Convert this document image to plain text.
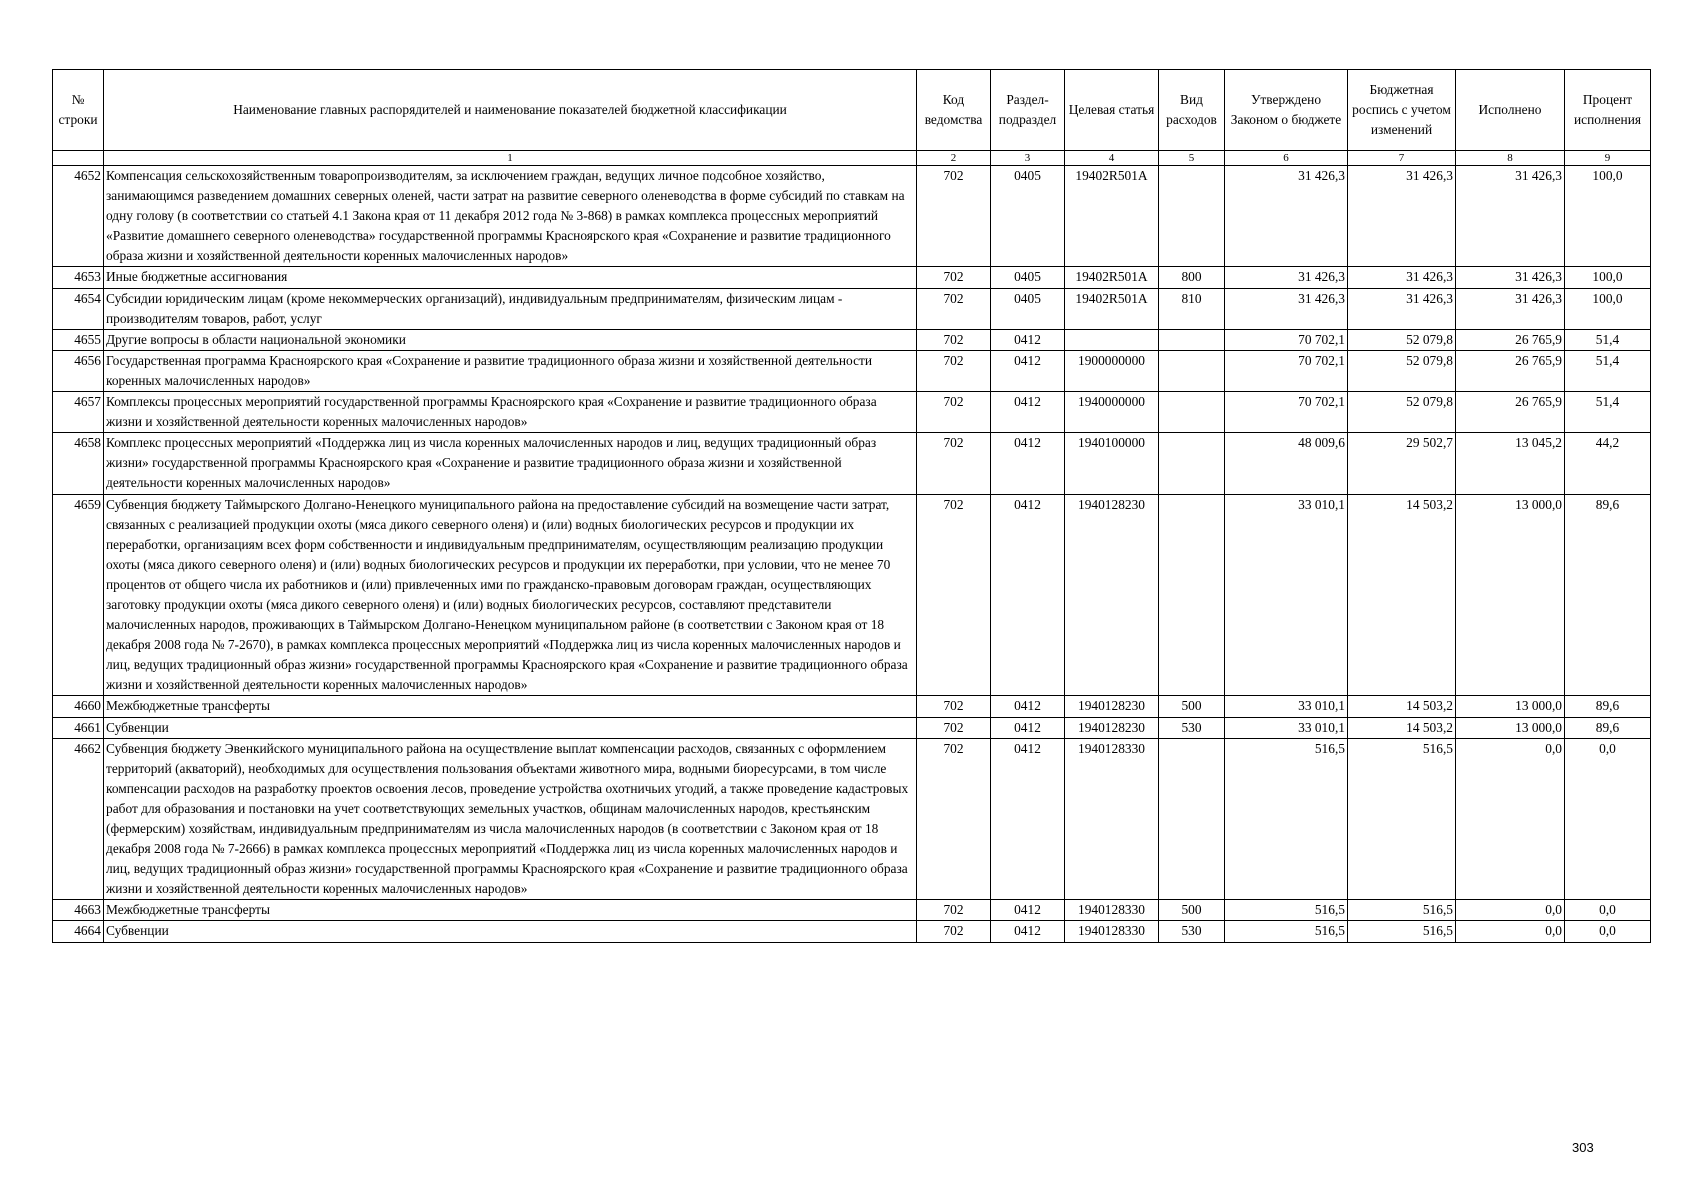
№ строки	Наименование главных распорядителей и наименование показателей бюджетной классификации	Код ведомства	Раздел-подраздел	Целевая статья	Вид расходов	Утверждено Законом о бюджете	Бюджетная роспись с учетом изменений	Исполнено	Процент исполнения
	1	2	3	4	5	6	7	8	9
4652	Компенсация сельскохозяйственным товаропроизводителям, за исключением граждан, ведущих личное подсобное хозяйство, занимающимся разведением домашних северных оленей, части затрат на развитие северного оленеводства в форме субсидий по ставкам на одну голову (в соответствии со статьей 4.1 Закона края от 11 декабря 2012 года № 3-868) в рамках комплекса процессных мероприятий «Развитие домашнего северного оленеводства» государственной программы Красноярского края «Сохранение и развитие традиционного образа жизни и хозяйственной деятельности коренных малочисленных народов»	702	0405	19402R501A		31 426,3	31 426,3	31 426,3	100,0
4653	Иные бюджетные ассигнования	702	0405	19402R501A	800	31 426,3	31 426,3	31 426,3	100,0
4654	Субсидии юридическим лицам (кроме некоммерческих организаций), индивидуальным предпринимателям, физическим лицам - производителям товаров, работ, услуг	702	0405	19402R501A	810	31 426,3	31 426,3	31 426,3	100,0
4655	Другие вопросы в области национальной экономики	702	0412			70 702,1	52 079,8	26 765,9	51,4
4656	Государственная программа Красноярского края «Сохранение и развитие традиционного образа жизни и хозяйственной деятельности коренных малочисленных народов»	702	0412	1900000000		70 702,1	52 079,8	26 765,9	51,4
4657	Комплексы процессных мероприятий государственной программы Красноярского края «Сохранение и развитие традиционного образа жизни и хозяйственной деятельности коренных малочисленных народов»	702	0412	1940000000		70 702,1	52 079,8	26 765,9	51,4
4658	Комплекс процессных мероприятий «Поддержка лиц из числа коренных малочисленных народов и лиц, ведущих традиционный образ жизни» государственной программы Красноярского края «Сохранение и развитие традиционного образа жизни и хозяйственной деятельности коренных малочисленных народов»	702	0412	1940100000		48 009,6	29 502,7	13 045,2	44,2
4659	Субвенция бюджету Таймырского Долгано-Ненецкого муниципального района на предоставление субсидий на возмещение части затрат, связанных с реализацией продукции охоты (мяса дикого северного оленя) и (или) водных биологических ресурсов и продукции их переработки, организациям всех форм собственности и индивидуальным предпринимателям, осуществляющим реализацию продукции охоты (мяса дикого северного оленя) и (или) водных биологических ресурсов и продукции их переработки, при условии, что не менее 70 процентов от общего числа их работников и (или) привлеченных ими по гражданско-правовым договорам граждан, осуществляющих заготовку продукции охоты (мяса дикого северного оленя) и (или) водных биологических ресурсов, составляют представители малочисленных народов, проживающих в Таймырском Долгано-Ненецком муниципальном районе (в соответствии с Законом края от 18 декабря 2008 года № 7-2670), в рамках комплекса процессных мероприятий «Поддержка лиц из числа коренных малочисленных народов и лиц, ведущих традиционный образ жизни» государственной программы Красноярского края «Сохранение и развитие традиционного образа жизни и хозяйственной деятельности коренных малочисленных народов»	702	0412	1940128230		33 010,1	14 503,2	13 000,0	89,6
4660	Межбюджетные трансферты	702	0412	1940128230	500	33 010,1	14 503,2	13 000,0	89,6
4661	Субвенции	702	0412	1940128230	530	33 010,1	14 503,2	13 000,0	89,6
4662	Субвенция бюджету Эвенкийского муниципального района на осуществление выплат компенсации расходов, связанных с оформлением территорий (акваторий), необходимых для осуществления пользования объектами животного мира, водными биоресурсами, в том числе компенсации расходов на разработку проектов освоения лесов, проведение устройства охотничьих угодий, а также проведение кадастровых работ для образования и постановки на учет соответствующих земельных участков, общинам малочисленных народов, крестьянским (фермерским) хозяйствам, индивидуальным предпринимателям из числа малочисленных народов (в соответствии с Законом края от 18 декабря 2008 года № 7-2666) в рамках комплекса процессных мероприятий «Поддержка лиц из числа коренных малочисленных народов и лиц, ведущих традиционный образ жизни» государственной программы Красноярского края «Сохранение и развитие традиционного образа жизни и хозяйственной деятельности коренных малочисленных народов»	702	0412	1940128330		516,5	516,5	0,0	0,0
4663	Межбюджетные трансферты	702	0412	1940128330	500	516,5	516,5	0,0	0,0
4664	Субвенции	702	0412	1940128330	530	516,5	516,5	0,0	0,0
303
